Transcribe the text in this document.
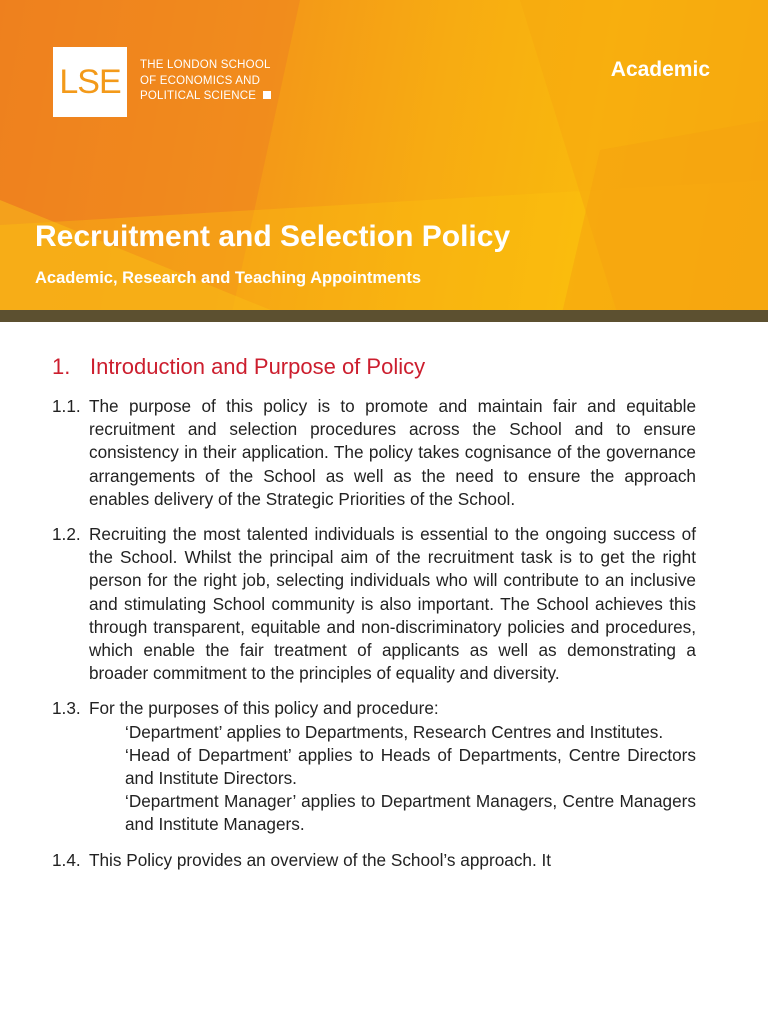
LSE	THE LONDON SCHOOL
OF ECONOMICS AND
POLITICAL SCIENCE
Academic
Recruitment and Selection Policy
Academic, Research and Teaching Appointments
1. Introduction and Purpose of Policy
1.1. The purpose of this policy is to promote and maintain fair and equitable recruitment and selection procedures across the School and to ensure consistency in their application. The policy takes cognisance of the governance arrangements of the School as well as the need to ensure the approach enables delivery of the Strategic Priorities of the School.
1.2. Recruiting the most talented individuals is essential to the ongoing success of the School. Whilst the principal aim of the recruitment task is to get the right person for the right job, selecting individuals who will contribute to an inclusive and stimulating School community is also important. The School achieves this through transparent, equitable and non-discriminatory policies and procedures, which enable the fair treatment of applicants as well as demonstrating a broader commitment to the principles of equality and diversity.
1.3. For the purposes of this policy and procedure:
‘Department’ applies to Departments, Research Centres and Institutes.
‘Head of Department’ applies to Heads of Departments, Centre Directors and Institute Directors.
‘Department Manager’ applies to Department Managers, Centre Managers and Institute Managers.
1.4. This Policy provides an overview of the School’s approach. It
